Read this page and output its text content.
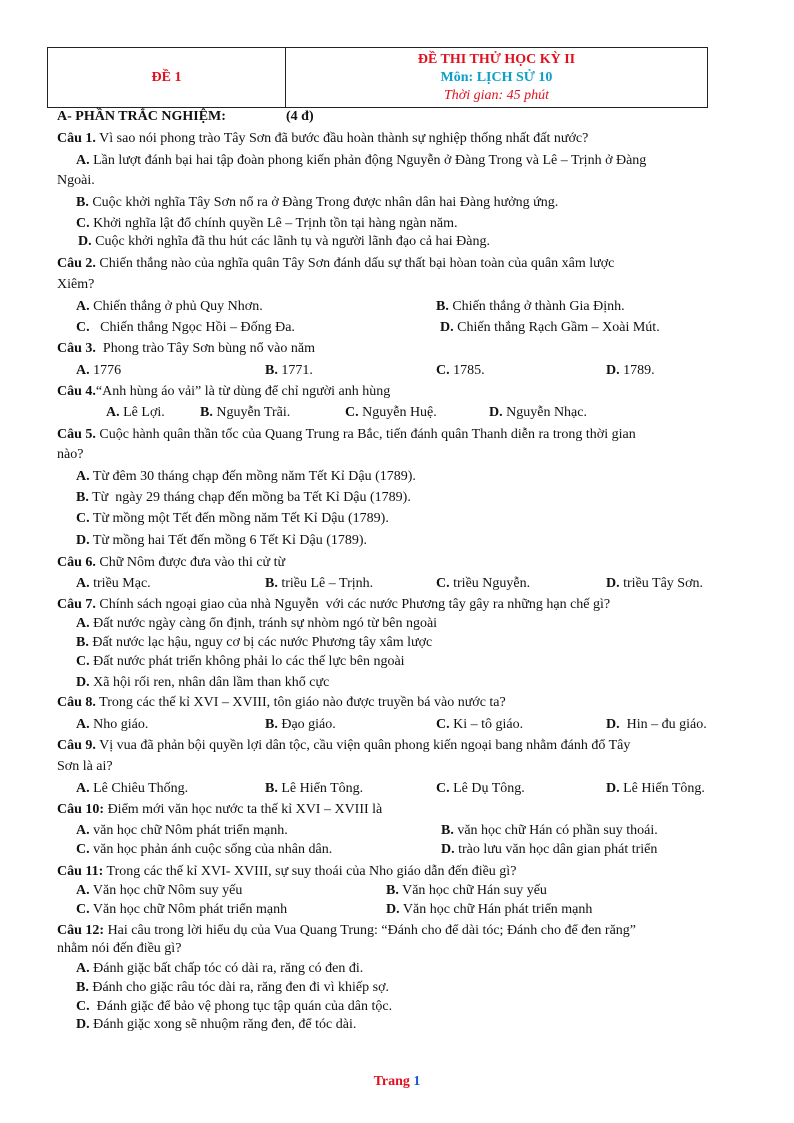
ĐỀ 1
ĐỀ THI THỬ HỌC KỲ II
Môn: LỊCH SỬ 10
Thời gian: 45 phút
A- PHẦN TRẮC NGHIỆM:	(4 đ)
Câu 1. Vì sao nói phong trào Tây Sơn đã bước đầu hoàn thành sự nghiệp thống nhất đất nước?
A. Lần lượt đánh bại hai tập đoàn phong kiến phản động Nguyễn ở Đàng Trong và Lê – Trịnh ở Đàng
Ngoài.
B. Cuộc khởi nghĩa Tây Sơn nổ ra ở Đàng Trong được nhân dân hai Đàng hưởng ứng.
C. Khởi nghĩa lật đổ chính quyền Lê – Trịnh tồn tại hàng ngàn năm.
D. Cuộc khởi nghĩa đã thu hút các lãnh tụ và người lãnh đạo cả hai Đàng.
Câu 2. Chiến thắng nào của nghĩa quân Tây Sơn đánh dấu sự thất bại hòan toàn của quân xâm lược
Xiêm?
A. Chiến thắng ở phủ Quy Nhơn.	B. Chiến thắng ở thành Gia Định.
C.   Chiến thắng Ngọc Hồi – Đống Đa.	D. Chiến thắng Rạch Gầm – Xoài Mút.
Câu 3.  Phong trào Tây Sơn bùng nổ vào năm
A. 1776	B. 1771.	C. 1785.	D. 1789.
Câu 4.“Anh hùng áo vải” là từ dùng để chỉ người anh hùng
A. Lê Lợi.	B. Nguyễn Trãi.	C. Nguyễn Huệ.	D. Nguyễn Nhạc.
Câu 5. Cuộc hành quân thần tốc của Quang Trung ra Bắc, tiến đánh quân Thanh diễn ra trong thời gian
nào?
A. Từ đêm 30 tháng chạp đến mồng năm Tết Kỉ Dậu (1789).
B. Từ  ngày 29 tháng chạp đến mồng ba Tết Kỉ Dậu (1789).
C. Từ mồng một Tết đến mồng năm Tết Kỉ Dậu (1789).
D. Từ mồng hai Tết đến mồng 6 Tết Kỉ Dậu (1789).
Câu 6. Chữ Nôm được đưa vào thi cử từ
A. triều Mạc.	B. triều Lê – Trịnh.	C. triều Nguyễn.	D. triều Tây Sơn.
Câu 7. Chính sách ngoại giao của nhà Nguyễn  với các nước Phương tây gây ra những hạn chế gì?
A. Đất nước ngày càng ổn định, tránh sự nhòm ngó từ bên ngoài
B. Đất nước lạc hậu, nguy cơ bị các nước Phương tây xâm lược
C. Đất nước phát triển không phải lo các thế lực bên ngoài
D. Xã hội rối ren, nhân dân lầm than khổ cực
Câu 8. Trong các thế kỉ XVI – XVIII, tôn giáo nào được truyền bá vào nước ta?
A. Nho giáo.	B. Đạo giáo.	C. Ki – tô giáo.	D.  Hin – đu giáo.
Câu 9. Vị vua đã phản bội quyền lợi dân tộc, cầu viện quân phong kiến ngoại bang nhằm đánh đổ Tây
Sơn là ai?
A. Lê Chiêu Thống.	B. Lê Hiển Tông.	C. Lê Dụ Tông.	D. Lê Hiến Tông.
Câu 10: Điểm mới văn học nước ta thế kỉ XVI – XVIII là
A. văn học chữ Nôm phát triển mạnh.	B. văn học chữ Hán có phần suy thoái.
C. văn học phản ánh cuộc sống của nhân dân.	D. trào lưu văn học dân gian phát triển
Câu 11: Trong các thế kỉ XVI- XVIII, sự suy thoái của Nho giáo dẫn đến điều gì?
A. Văn học chữ Nôm suy yếu	B. Văn học chữ Hán suy yếu
C. Văn học chữ Nôm phát triển mạnh	D. Văn học chữ Hán phát triển mạnh
Câu 12: Hai câu trong lời hiểu dụ của Vua Quang Trung: “Đánh cho để dài tóc; Đánh cho để đen răng”
nhằm nói đến điều gì?
A. Đánh giặc bất chấp tóc có dài ra, răng có đen đi.
B. Đánh cho giặc râu tóc dài ra, răng đen đi vì khiếp sợ.
C.  Đánh giặc để bảo vệ phong tục tập quán của dân tộc.
D. Đánh giặc xong sẽ nhuộm răng đen, để tóc dài.
Trang 1
